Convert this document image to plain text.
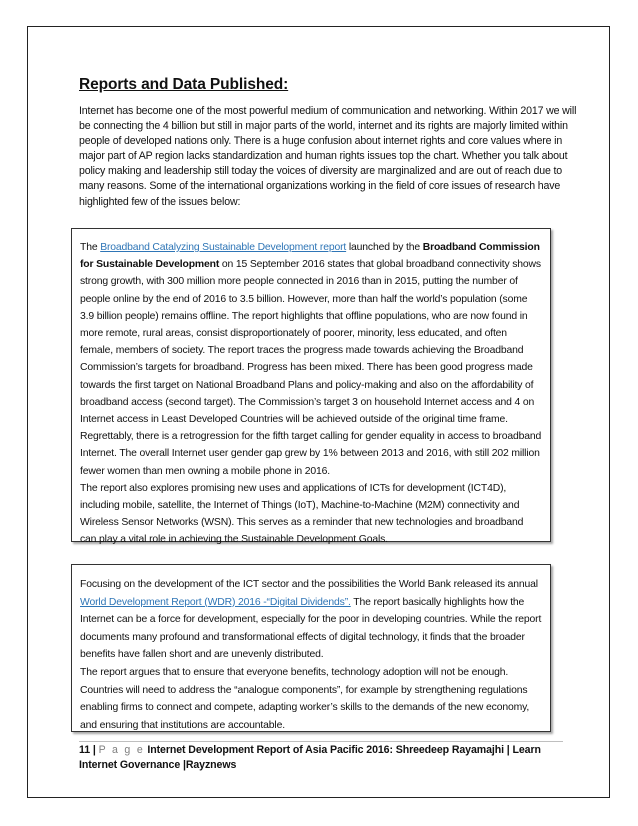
Reports and Data Published:

Internet has become one of the most powerful medium of communication and networking. Within 2017 we will be connecting the 4 billion but still in major parts of the world, internet and its rights are majorly limited within people of developed nations only. There is a huge confusion about internet rights and core values where in major part of AP region lacks standardization and human rights issues top the chart. Whether you talk about policy making and leadership still today the voices of diversity are marginalized and are out of reach due to many reasons. Some of the international organizations working in the field of core issues of research have highlighted few of the issues below:

The Broadband Catalyzing Sustainable Development report launched by the Broadband Commission for Sustainable Development on 15 September 2016 states that global broadband connectivity shows strong growth, with 300 million more people connected in 2016 than in 2015, putting the number of people online by the end of 2016 to 3.5 billion. However, more than half the world’s population (some 3.9 billion people) remains offline. The report highlights that offline populations, who are now found in more remote, rural areas, consist disproportionately of poorer, minority, less educated, and often female, members of society. The report traces the progress made towards achieving the Broadband Commission’s targets for broadband. Progress has been mixed. There has been good progress made towards the first target on National Broadband Plans and policy-making and also on the affordability of broadband access (second target). The Commission’s target 3 on household Internet access and 4 on Internet access in Least Developed Countries will be achieved outside of the original time frame. Regrettably, there is a retrogression for the fifth target calling for gender equality in access to broadband Internet. The overall Internet user gender gap grew by 1% between 2013 and 2016, with still 202 million fewer women than men owning a mobile phone in 2016.

The report also explores promising new uses and applications of ICTs for development (ICT4D), including mobile, satellite, the Internet of Things (IoT), Machine-to-Machine (M2M) connectivity and Wireless Sensor Networks (WSN). This serves as a reminder that new technologies and broadband can play a vital role in achieving the Sustainable Development Goals.

Focusing on the development of the ICT sector and the possibilities the World Bank released its annual World Development Report (WDR) 2016 -“Digital Dividends”. The report basically highlights how the Internet can be a force for development, especially for the poor in developing countries. While the report documents many profound and transformational effects of digital technology, it finds that the broader benefits have fallen short and are unevenly distributed.

The report argues that to ensure that everyone benefits, technology adoption will not be enough. Countries will need to address the “analogue components”, for example by strengthening regulations enabling firms to connect and compete, adapting worker’s skills to the demands of the new economy, and ensuring that institutions are accountable.

11 | P a g e Internet Development Report of Asia Pacific 2016: Shreedeep Rayamajhi | Learn Internet Governance |Rayznews
